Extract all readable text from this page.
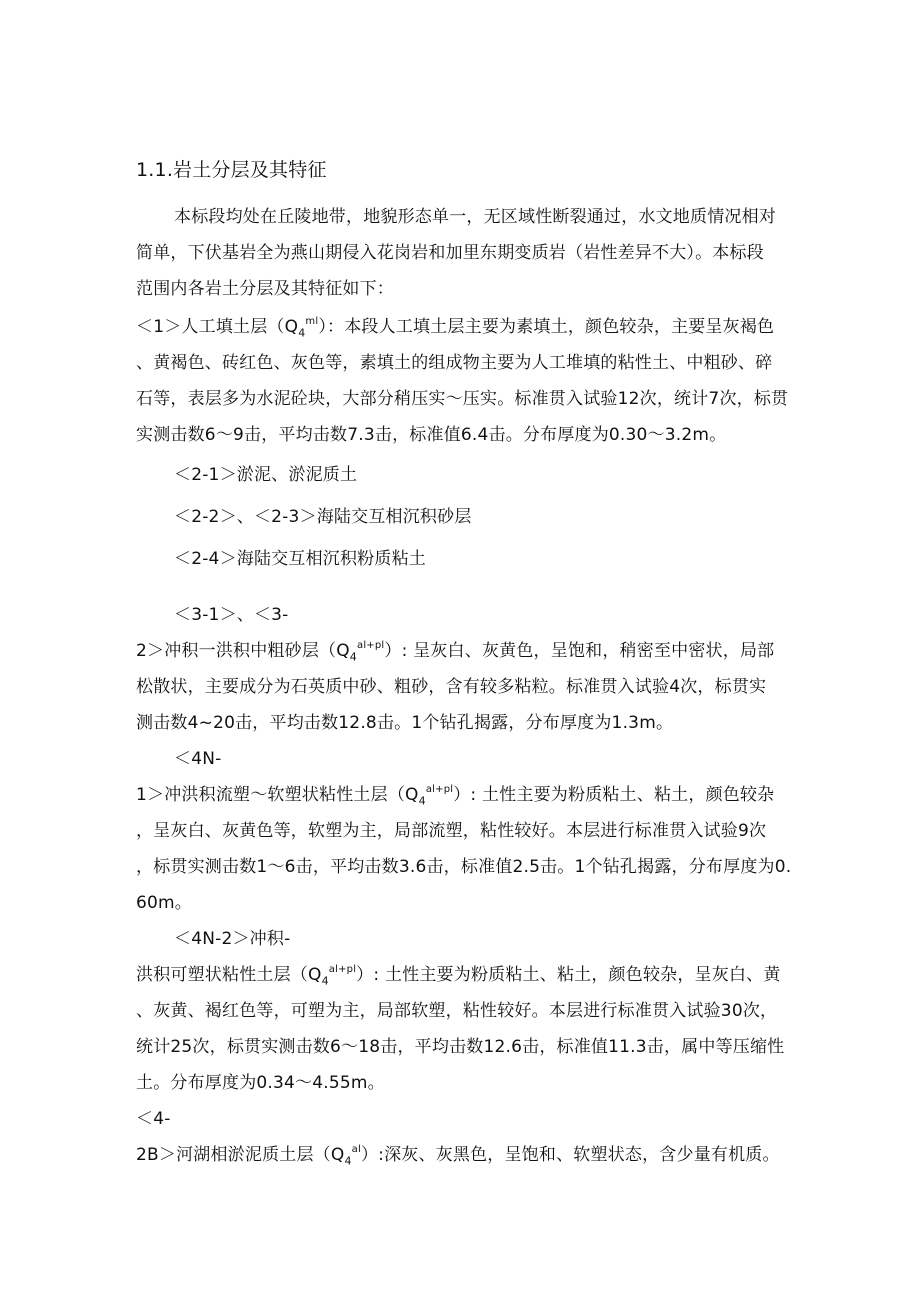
1.1.岩土分层及其特征
本标段均处在丘陵地带，地貌形态单一，无区域性断裂通过，水文地质情况相对
简单，下伏基岩全为燕山期侵入花岗岩和加里东期变质岩（岩性差异不大）。本标段
范围内各岩土分层及其特征如下：
＜1＞人工填土层$(Q_4^{ml})$：本段人工填土层主要为素填土，颜色较杂，主要呈灰褐色
、黄褐色、砖红色、灰色等，素填土的组成物主要为人工堆填的粘性土、中粗砂、碎
石等，表层多为水泥砼块，大部分稍压实～压实。标准贯入试验12次，统计7次，标贯
实测击数6～9击，平均击数7.3击，标准值6.4击。分布厚度为0.30～3.2m。
＜2-1＞淤泥、淤泥质土
＜2-2＞、＜2-3＞海陆交互相沉积砂层
＜2-4＞海陆交互相沉积粉质粘土
＜3-1＞、＜3-
2＞冲积一洪积中粗砂层$(Q_4^{al+pl})$: 呈灰白、灰黄色，呈饱和，稍密至中密状，局部
松散状，主要成分为石英质中砂、粗砂，含有较多粘粒。标准贯入试验4次，标贯实
测击数4~20击，平均击数12.8击。1个钻孔揭露，分布厚度为1.3m。
＜4N-
1＞冲洪积流塑～软塑状粘性土层$(Q_4^{al+pl})$: 土性主要为粉质粘土、粘土，颜色较杂
，呈灰白、灰黄色等，软塑为主，局部流塑，粘性较好。本层进行标准贯入试验9次
，标贯实测击数1～6击，平均击数3.6击，标准值2.5击。1个钻孔揭露，分布厚度为0.
60m。
＜4N-2＞冲积-
洪积可塑状粘性土层$(Q_4^{al+pl})$: 土性主要为粉质粘土、粘土，颜色较杂，呈灰白、黄
、灰黄、褐红色等，可塑为主，局部软塑，粘性较好。本层进行标准贯入试验30次，
统计25次，标贯实测击数6～18击，平均击数12.6击，标准值11.3击，属中等压缩性
土。分布厚度为0.34～4.55m。
＜4-
2B＞河湖相淤泥质土层$(Q_4^{al})$:深灰、灰黑色，呈饱和、软塑状态，含少量有机质。
